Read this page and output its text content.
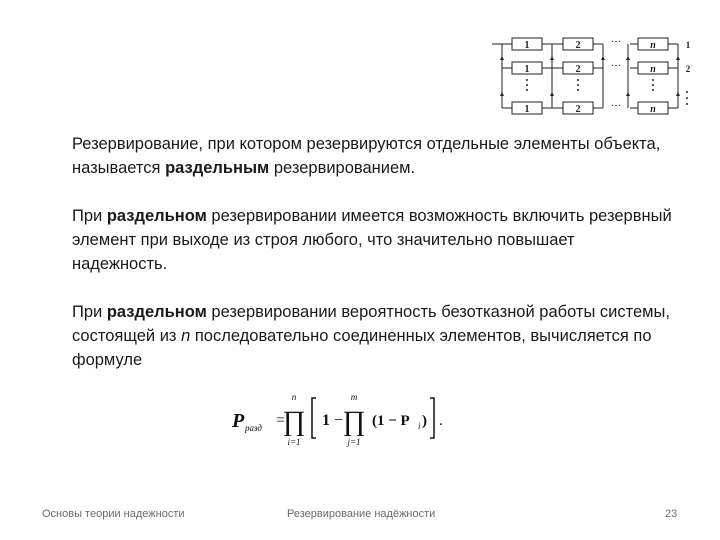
1	2	n
1	2	n
1	2	n
…
…
…
1
2

Резервирование, при котором резервируются отдельные элементы объекта, называется раздельным резервированием.

При раздельном резервировании имеется возможность включить резервный элемент при выходе из строя любого, что значительно повышает надежность.

При раздельном резервировании вероятность безотказной работы системы, состоящей из n последовательно соединенных элементов, вычисляется по формуле

P разд =
n
∏
i=1
1 −
m
∏
j=1
(1 − P i ) .
Основы теории надежности	Резервирование надёжности	23
